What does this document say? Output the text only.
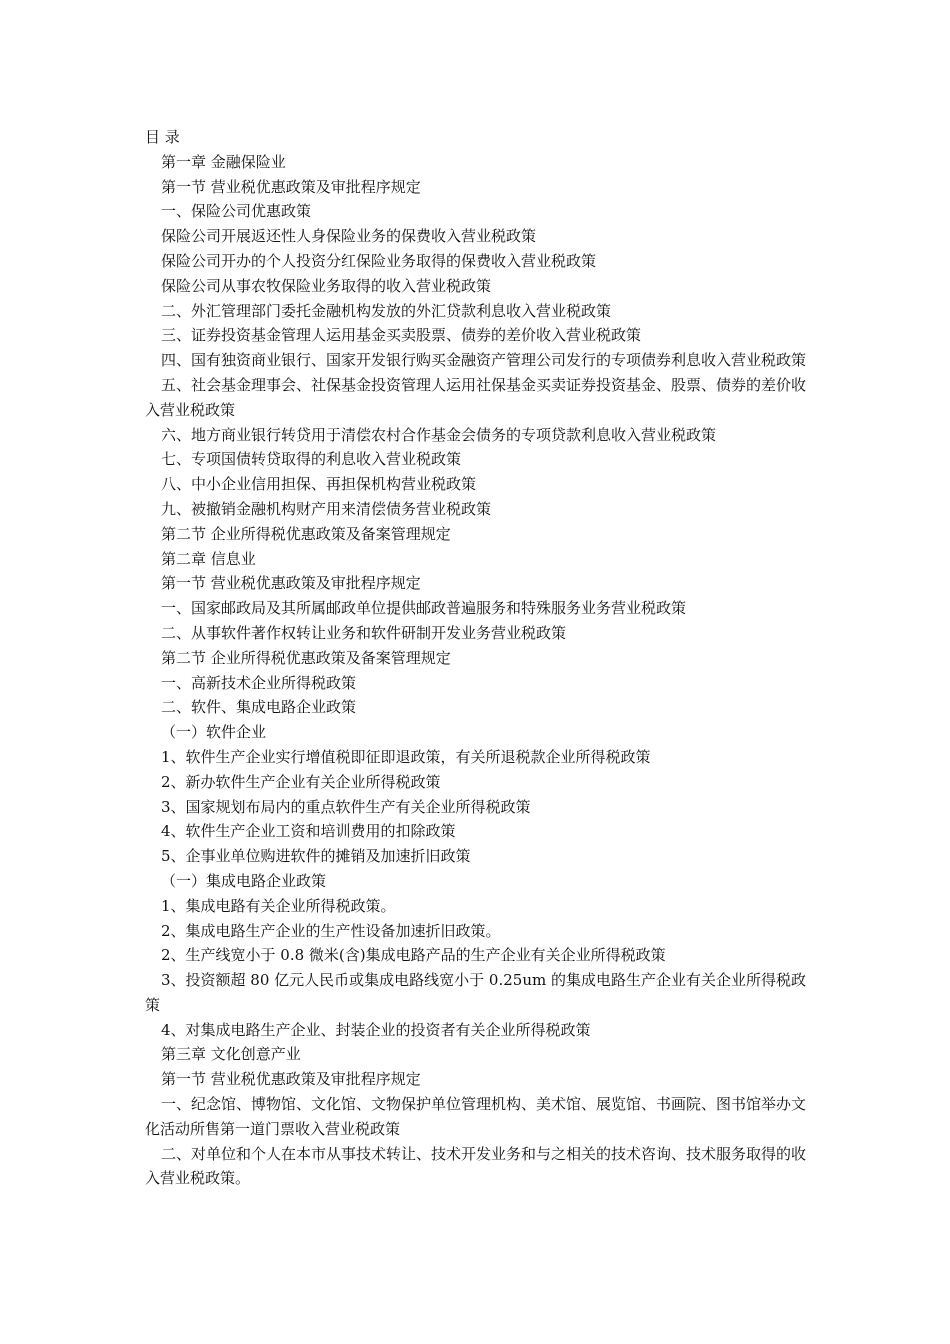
目 录

第一章 金融保险业

第一节 营业税优惠政策及审批程序规定

一、保险公司优惠政策

保险公司开展返还性人身保险业务的保费收入营业税政策

保险公司开办的个人投资分红保险业务取得的保费收入营业税政策

保险公司从事农牧保险业务取得的收入营业税政策

二、外汇管理部门委托金融机构发放的外汇贷款利息收入营业税政策

三、证券投资基金管理人运用基金买卖股票、债券的差价收入营业税政策

四、国有独资商业银行、国家开发银行购买金融资产管理公司发行的专项债券利息收入营业税政策

五、社会基金理事会、社保基金投资管理人运用社保基金买卖证券投资基金、股票、债券的差价收入营业税政策

六、地方商业银行转贷用于清偿农村合作基金会债务的专项贷款利息收入营业税政策

七、专项国债转贷取得的利息收入营业税政策

八、中小企业信用担保、再担保机构营业税政策

九、被撤销金融机构财产用来清偿债务营业税政策

第二节 企业所得税优惠政策及备案管理规定

第二章 信息业

第一节 营业税优惠政策及审批程序规定

一、国家邮政局及其所属邮政单位提供邮政普遍服务和特殊服务业务营业税政策

二、从事软件著作权转让业务和软件研制开发业务营业税政策

第二节 企业所得税优惠政策及备案管理规定

一、高新技术企业所得税政策

二、软件、集成电路企业政策

（一）软件企业

1、软件生产企业实行增值税即征即退政策，有关所退税款企业所得税政策

2、新办软件生产企业有关企业所得税政策

3、国家规划布局内的重点软件生产有关企业所得税政策

4、软件生产企业工资和培训费用的扣除政策

5、企事业单位购进软件的摊销及加速折旧政策

（一）集成电路企业政策

1、集成电路有关企业所得税政策。

2、集成电路生产企业的生产性设备加速折旧政策。

2、生产线宽小于 0.8 微米(含)集成电路产品的生产企业有关企业所得税政策

3、投资额超 80 亿元人民币或集成电路线宽小于 0.25um 的集成电路生产企业有关企业所得税政策

4、对集成电路生产企业、封装企业的投资者有关企业所得税政策

第三章 文化创意产业

第一节 营业税优惠政策及审批程序规定

一、纪念馆、博物馆、文化馆、文物保护单位管理机构、美术馆、展览馆、书画院、图书馆举办文化活动所售第一道门票收入营业税政策

二、对单位和个人在本市从事技术转让、技术开发业务和与之相关的技术咨询、技术服务取得的收入营业税政策。
